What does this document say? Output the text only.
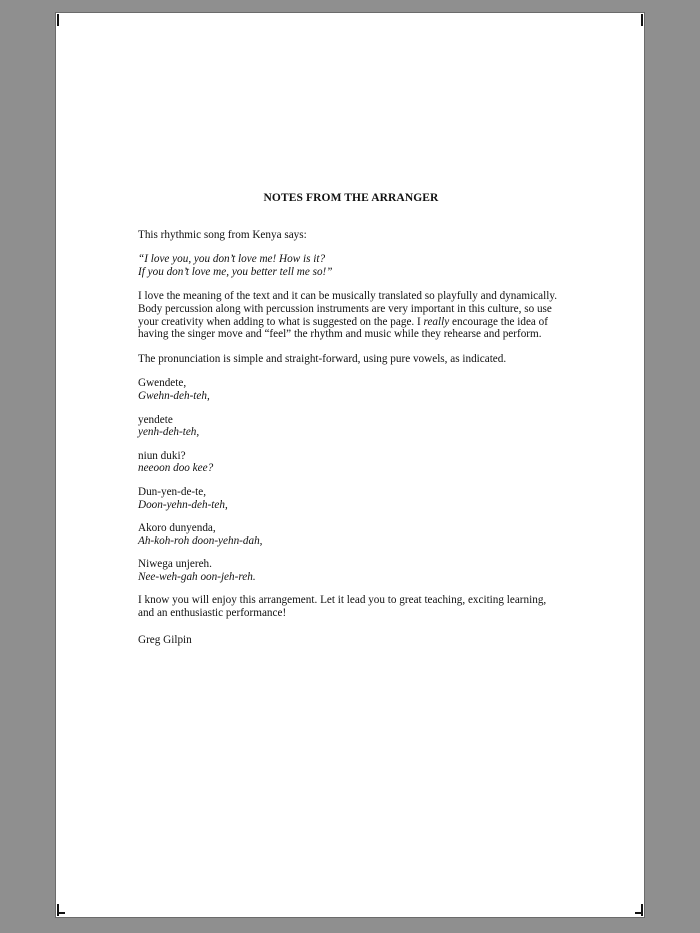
NOTES FROM THE ARRANGER
This rhythmic song from Kenya says:
“I love you, you don’t love me! How is it?
If you don’t love me, you better tell me so!”
I love the meaning of the text and it can be musically translated so playfully and dynamically. Body percussion along with percussion instruments are very important in this culture, so use your creativity when adding to what is suggested on the page. I really encourage the idea of having the singer move and “feel” the rhythm and music while they rehearse and perform.
The pronunciation is simple and straight-forward, using pure vowels, as indicated.
Gwendete,
Gwehn-deh-teh,
yendete
yenh-deh-teh,
niun duki?
neeoon doo kee?
Dun-yen-de-te,
Doon-yehn-deh-teh,
Akoro dunyenda,
Ah-koh-roh doon-yehn-dah,
Niwega unjereh.
Nee-weh-gah oon-jeh-reh.
I know you will enjoy this arrangement. Let it lead you to great teaching, exciting learning, and an enthusiastic performance!
Greg Gilpin
